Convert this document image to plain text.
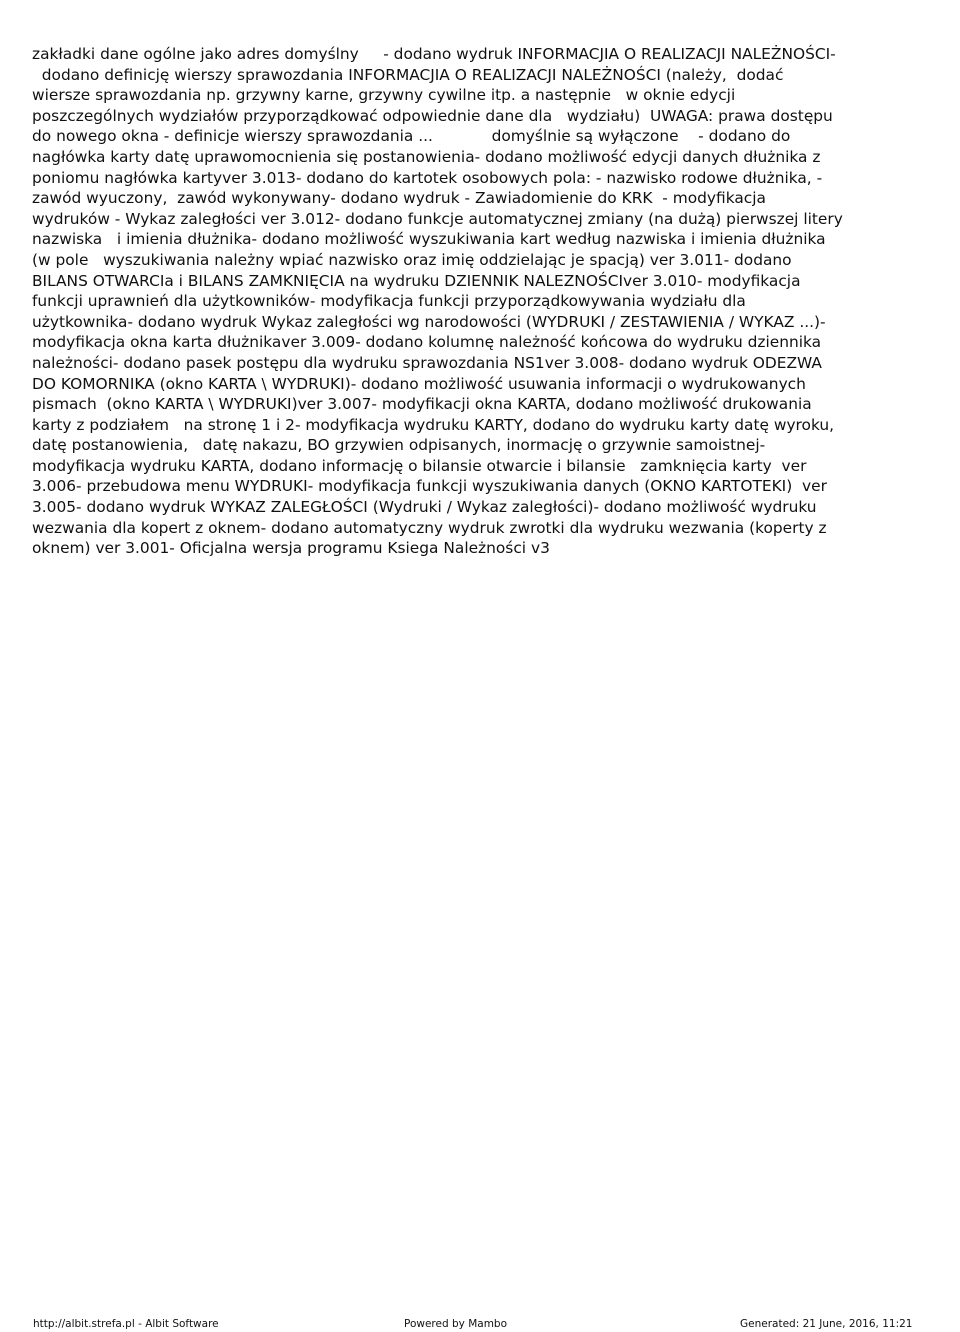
zakładki dane ogólne jako adres domyślny     - dodano wydruk INFORMACJIA O REALIZACJI NALEŻNOŚCI-
dodano definicję wierszy sprawozdania INFORMACJIA O REALIZACJI NALEŻNOŚCI (należy,  dodać
wiersze sprawozdania np. grzywny karne, grzywny cywilne itp. a następnie   w oknie edycji
poszczególnych wydziałów przyporządkować odpowiednie dane dla   wydziału)  UWAGA: prawa dostępu
do nowego okna - definicje wierszy sprawozdania ...            domyślnie są wyłączone    - dodano do
nagłówka karty datę uprawomocnienia się postanowienia- dodano możliwość edycji danych dłużnika z
poniomu nagłówka kartyver 3.013- dodano do kartotek osobowych pola: - nazwisko rodowe dłużnika, -
zawód wyuczony,  zawód wykonywany- dodano wydruk - Zawiadomienie do KRK  - modyfikacja
wydruków - Wykaz zaległości ver 3.012- dodano funkcje automatycznej zmiany (na dużą) pierwszej litery
nazwiska   i imienia dłużnika- dodano możliwość wyszukiwania kart według nazwiska i imienia dłużnika
(w pole   wyszukiwania należny wpiać nazwisko oraz imię oddzielając je spacją) ver 3.011- dodano
BILANS OTWARCIa i BILANS ZAMKNIĘCIA na wydruku DZIENNIK NALEZNOŚCIver 3.010- modyfikacja
funkcji uprawnień dla użytkowników- modyfikacja funkcji przyporządkowywania wydziału dla
użytkownika- dodano wydruk Wykaz zaległości wg narodowości (WYDRUKI / ZESTAWIENIA / WYKAZ ...)-
modyfikacja okna karta dłużnikaver 3.009- dodano kolumnę należność końcowa do wydruku dziennika
należności- dodano pasek postępu dla wydruku sprawozdania NS1ver 3.008- dodano wydruk ODEZWA
DO KOMORNIKA (okno KARTA \ WYDRUKI)- dodano możliwość usuwania informacji o wydrukowanych
pismach  (okno KARTA \ WYDRUKI)ver 3.007- modyfikacji okna KARTA, dodano możliwość drukowania
karty z podziałem   na stronę 1 i 2- modyfikacja wydruku KARTY, dodano do wydruku karty datę wyroku,
datę postanowienia,   datę nakazu, BO grzywien odpisanych, inormację o grzywnie samoistnej-
modyfikacja wydruku KARTA, dodano informację o bilansie otwarcie i bilansie   zamknięcia karty  ver
3.006- przebudowa menu WYDRUKI- modyfikacja funkcji wyszukiwania danych (OKNO KARTOTEKI)  ver
3.005- dodano wydruk WYKAZ ZALEGŁOŚCI (Wydruki / Wykaz zaległości)- dodano możliwość wydruku
wezwania dla kopert z oknem- dodano automatyczny wydruk zwrotki dla wydruku wezwania (koperty z
oknem) ver 3.001- Oficjalna wersja programu Ksiega Należności v3
http://albit.strefa.pl - Albit Software	Powered by Mambo	Generated: 21 June, 2016, 11:21
